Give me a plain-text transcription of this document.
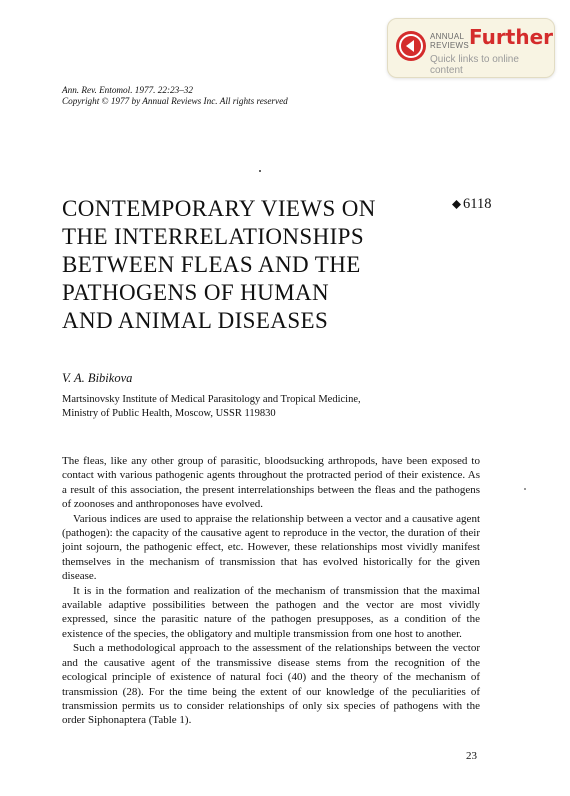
ANNUAL
REVIEWS Further
Quick links to online content
Ann. Rev. Entomol. 1977. 22:23–32
Copyright © 1977 by Annual Reviews Inc. All rights reserved
CONTEMPORARY VIEWS ON
THE INTERRELATIONSHIPS
BETWEEN FLEAS AND THE
PATHOGENS OF HUMAN
AND ANIMAL DISEASES
6118
V. A. Bibikova
Martsinovsky Institute of Medical Parasitology and Tropical Medicine,
Ministry of Public Health, Moscow, USSR 119830

The fleas, like any other group of parasitic, bloodsucking arthropods, have been exposed to contact with various pathogenic agents throughout the protracted period of their existence. As a result of this association, the present interrelationships between the fleas and the pathogens of zoonoses and anthroponoses have evolved.

Various indices are used to appraise the relationship between a vector and a causative agent (pathogen): the capacity of the causative agent to reproduce in the vector, the duration of their joint sojourn, the pathogenic effect, etc. However, these relationships most vividly manifest themselves in the mechanism of transmission that has evolved historically for the given disease.

It is in the formation and realization of the mechanism of transmission that the maximal available adaptive possibilities between the pathogen and the vector are most vividly expressed, since the parasitic nature of the pathogen presupposes, as a condition of the existence of the species, the obligatory and multiple transmission from one host to another.

Such a methodological approach to the assessment of the relationships between the vector and the causative agent of the transmissive disease stems from the recognition of the ecological principle of existence of natural foci (40) and the theory of the mechanism of transmission (28). For the time being the extent of our knowledge of the peculiarities of transmission permits us to consider relationships of only six species of pathogens with the order Siphonaptera (Table 1).

23
